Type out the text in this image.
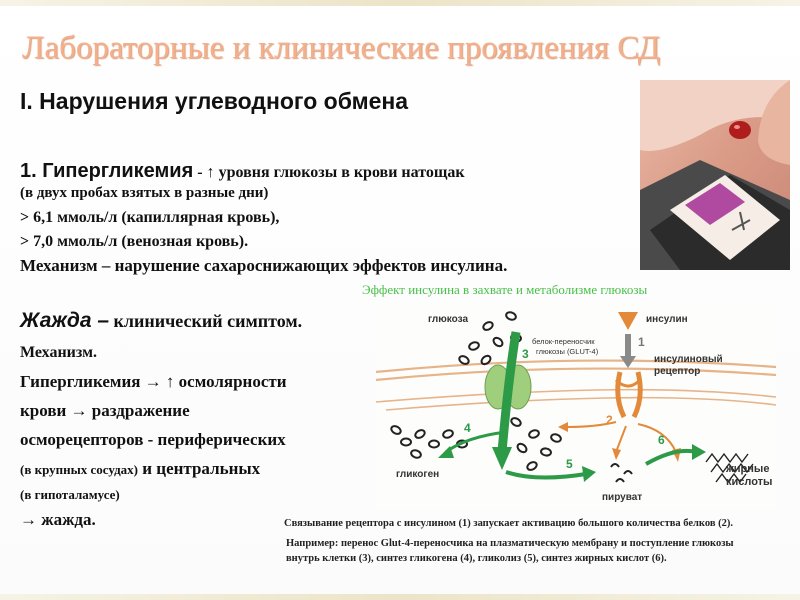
Лабораторные и клинические проявления СД
I. Нарушения углеводного обмена
1. Гипергликемия - ↑ уровня глюкозы в крови натощак
(в двух пробах взятых в разные дни)
> 6,1 ммоль/л (капиллярная кровь),
> 7,0 ммоль/л (венозная кровь).
Механизм – нарушение сахароснижающих эффектов инсулина.
Эффект инсулина в захвате и метаболизме глюкозы
Жажда – клинический симптом.
Механизм.
Гипергликемия → ↑ осмолярности
крови → раздражение
осморецепторов - периферических
(в крупных сосудах) и центральных
(в гипоталамусе)
→ жажда.
глюкоза	инсулин
белок-переносчик
глюкозы (GLUT-4)
инсулиновый
рецептор
гликоген
пируват
жирные
кислоты
1
2
3
4
5
6
Связывание рецептора с инсулином (1) запускает активацию большого количества белков (2).
Например: перенос Glut-4-переносчика на плазматическую мембрану и поступление глюкозы
внутрь клетки (3), синтез гликогена (4), гликолиз (5), синтез жирных кислот (6).
